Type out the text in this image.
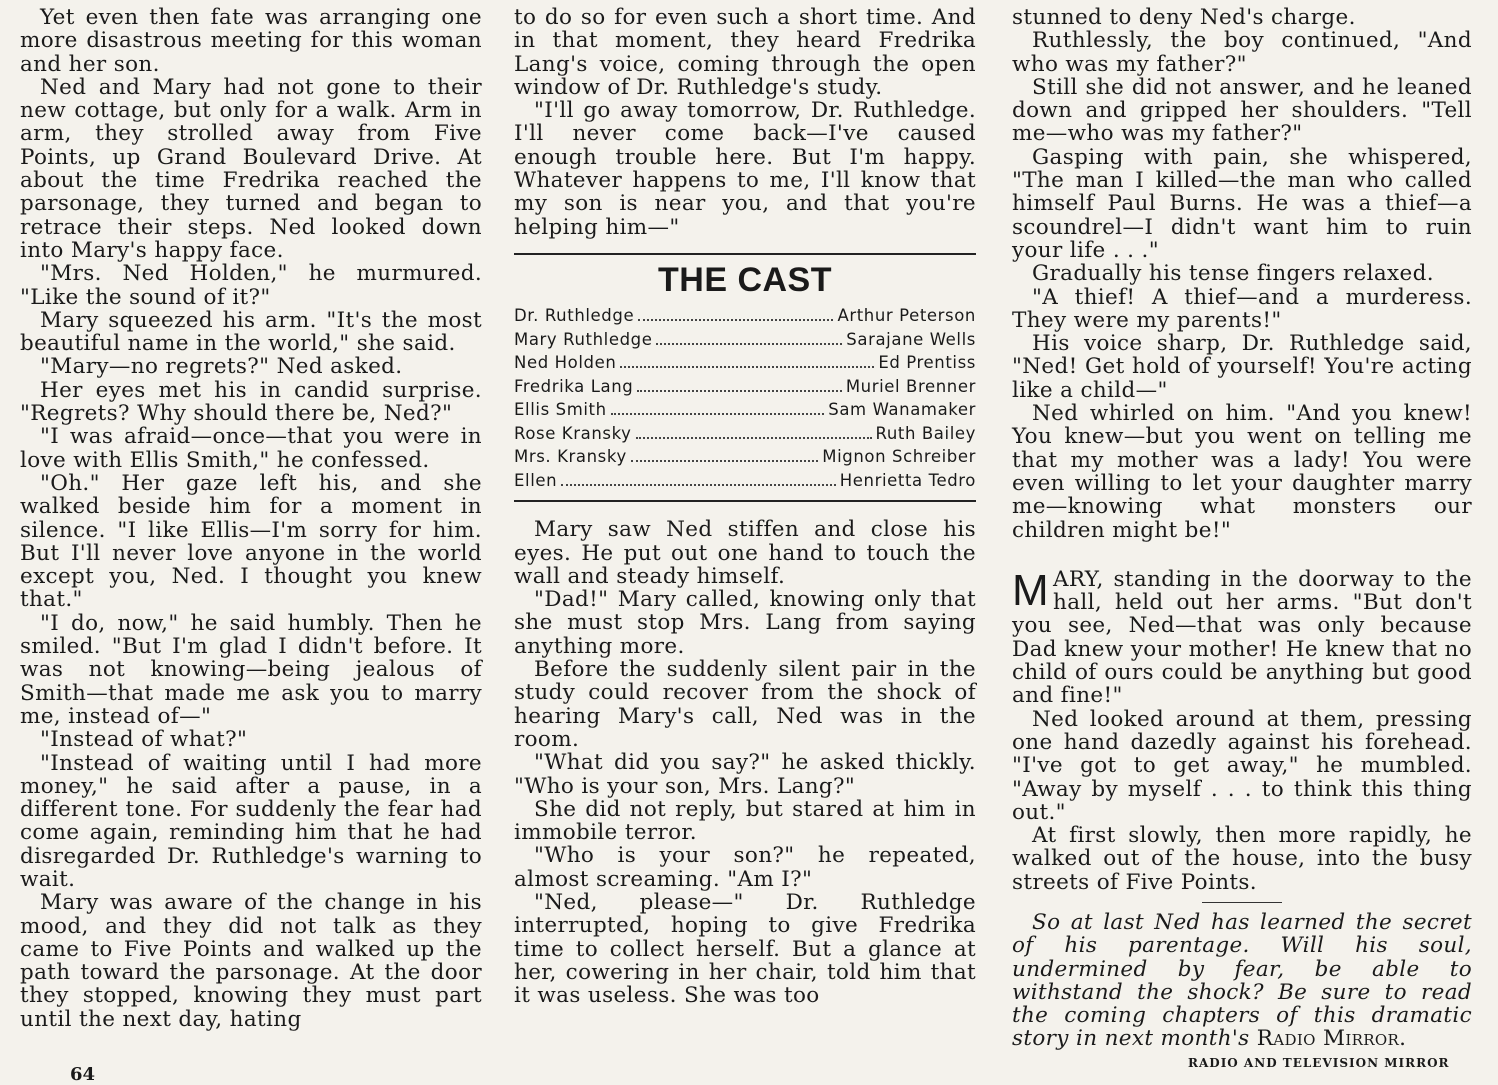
Yet even then fate was arranging one more disastrous meeting for this woman and her son.

Ned and Mary had not gone to their new cottage, but only for a walk. Arm in arm, they strolled away from Five Points, up Grand Boulevard Drive. At about the time Fredrika reached the parsonage, they turned and began to retrace their steps. Ned looked down into Mary's happy face.

"Mrs. Ned Holden," he murmured. "Like the sound of it?"

Mary squeezed his arm. "It's the most beautiful name in the world," she said.

"Mary—no regrets?" Ned asked.

Her eyes met his in candid surprise. "Regrets? Why should there be, Ned?"

"I was afraid—once—that you were in love with Ellis Smith," he confessed.

"Oh." Her gaze left his, and she walked beside him for a moment in silence. "I like Ellis—I'm sorry for him. But I'll never love anyone in the world except you, Ned. I thought you knew that."

"I do, now," he said humbly. Then he smiled. "But I'm glad I didn't before. It was not knowing—being jealous of Smith—that made me ask you to marry me, instead of—"

"Instead of what?"

"Instead of waiting until I had more money," he said after a pause, in a different tone. For suddenly the fear had come again, reminding him that he had disregarded Dr. Ruthledge's warning to wait.

Mary was aware of the change in his mood, and they did not talk as they came to Five Points and walked up the path toward the parsonage. At the door they stopped, knowing they must part until the next day, hating

to do so for even such a short time. And in that moment, they heard Fredrika Lang's voice, coming through the open window of Dr. Ruthledge's study.

"I'll go away tomorrow, Dr. Ruthledge. I'll never come back—I've caused enough trouble here. But I'm happy. Whatever happens to me, I'll know that my son is near you, and that you're helping him—"

THE CAST
Dr. Ruthledge	Arthur Peterson
Mary Ruthledge	Sarajane Wells
Ned Holden	Ed Prentiss
Fredrika Lang	Muriel Brenner
Ellis Smith	Sam Wanamaker
Rose Kransky	Ruth Bailey
Mrs. Kransky	Mignon Schreiber
Ellen	Henrietta Tedro

Mary saw Ned stiffen and close his eyes. He put out one hand to touch the wall and steady himself.

"Dad!" Mary called, knowing only that she must stop Mrs. Lang from saying anything more.

Before the suddenly silent pair in the study could recover from the shock of hearing Mary's call, Ned was in the room.

"What did you say?" he asked thickly. "Who is your son, Mrs. Lang?"

She did not reply, but stared at him in immobile terror.

"Who is your son?" he repeated, almost screaming. "Am I?"

"Ned, please—" Dr. Ruthledge interrupted, hoping to give Fredrika time to collect herself. But a glance at her, cowering in her chair, told him that it was useless. She was too

stunned to deny Ned's charge.

Ruthlessly, the boy continued, "And who was my father?"

Still she did not answer, and he leaned down and gripped her shoulders. "Tell me—who was my father?"

Gasping with pain, she whispered, "The man I killed—the man who called himself Paul Burns. He was a thief—a scoundrel—I didn't want him to ruin your life . . ."

Gradually his tense fingers relaxed.

"A thief! A thief—and a murderess. They were my parents!"

His voice sharp, Dr. Ruthledge said, "Ned! Get hold of yourself! You're acting like a child—"

Ned whirled on him. "And you knew! You knew—but you went on telling me that my mother was a lady! You were even willing to let your daughter marry me—knowing what monsters our children might be!"

MARY, standing in the doorway to the hall, held out her arms. "But don't you see, Ned—that was only because Dad knew your mother! He knew that no child of ours could be anything but good and fine!"

Ned looked around at them, pressing one hand dazedly against his forehead. "I've got to get away," he mumbled. "Away by myself . . . to think this thing out."

At first slowly, then more rapidly, he walked out of the house, into the busy streets of Five Points.

So at last Ned has learned the secret of his parentage. Will his soul, undermined by fear, be able to withstand the shock? Be sure to read the coming chapters of this dramatic story in next month's Radio Mirror.

64
RADIO AND TELEVISION MIRROR
